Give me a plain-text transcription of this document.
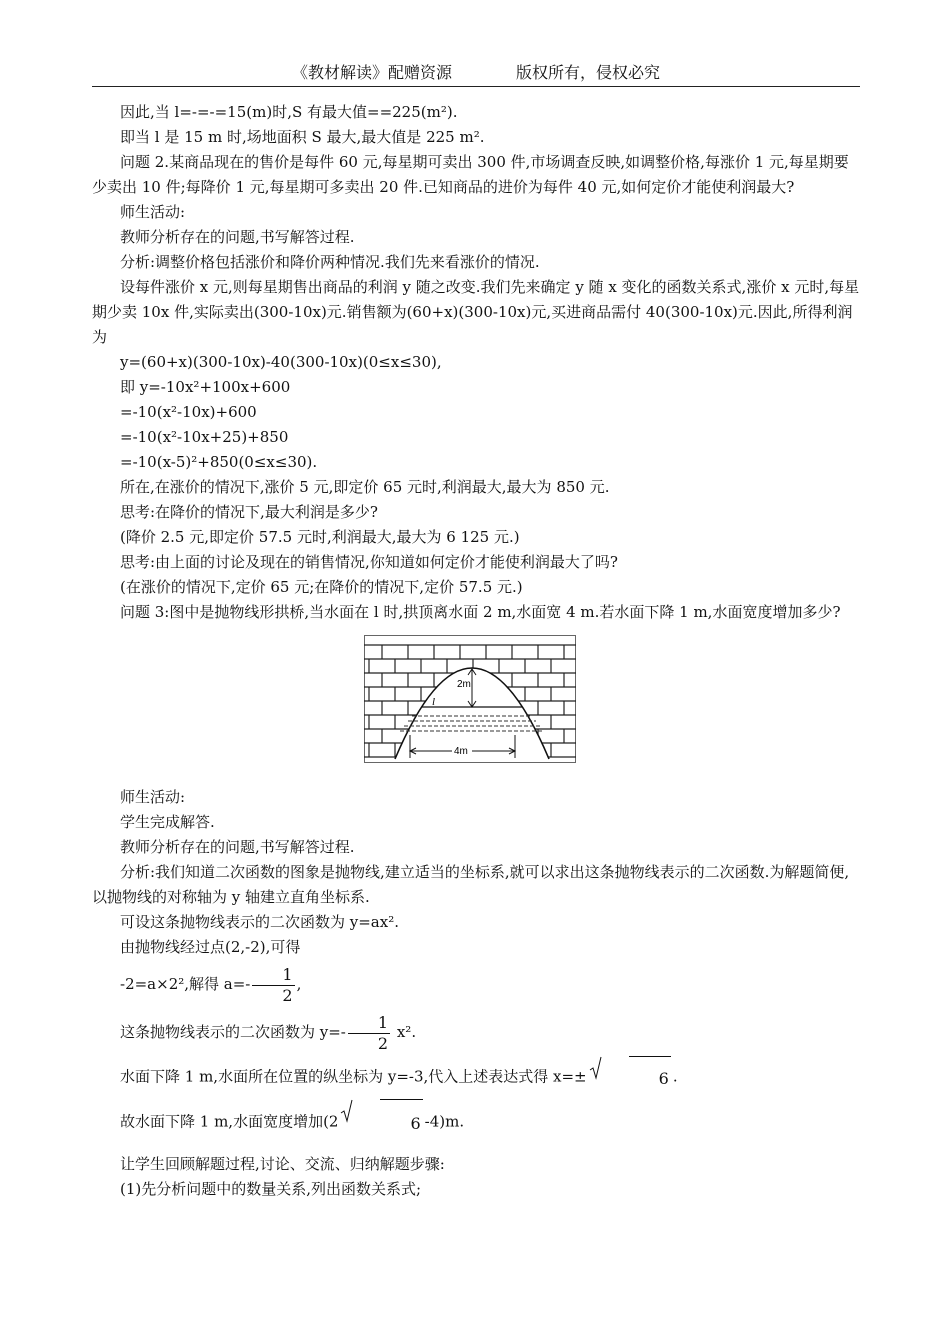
《教材解读》配赠资源	版权所有，侵权必究

因此,当 l=-=-=15(m)时,S 有最大值==225(m²).

即当 l 是 15 m 时,场地面积 S 最大,最大值是 225 m².

问题 2.某商品现在的售价是每件 60 元,每星期可卖出 300 件,市场调查反映,如调整价格,每涨价 1 元,每星期要少卖出 10 件;每降价 1 元,每星期可多卖出 20 件.已知商品的进价为每件 40 元,如何定价才能使利润最大?

师生活动:

教师分析存在的问题,书写解答过程.

分析:调整价格包括涨价和降价两种情况.我们先来看涨价的情况.

设每件涨价 x 元,则每星期售出商品的利润 y 随之改变.我们先来确定 y 随 x 变化的函数关系式,涨价 x 元时,每星期少卖 10x 件,实际卖出(300-10x)元.销售额为(60+x)(300-10x)元,买进商品需付 40(300-10x)元.因此,所得利润为

y=(60+x)(300-10x)-40(300-10x)(0≤x≤30),

即 y=-10x²+100x+600

=-10(x²-10x)+600

=-10(x²-10x+25)+850

=-10(x-5)²+850(0≤x≤30).

所在,在涨价的情况下,涨价 5 元,即定价 65 元时,利润最大,最大为 850 元.

思考:在降价的情况下,最大利润是多少?

(降价 2.5 元,即定价 57.5 元时,利润最大,最大为 6 125 元.)

思考:由上面的讨论及现在的销售情况,你知道如何定价才能使利润最大了吗?

(在涨价的情况下,定价 65 元;在降价的情况下,定价 57.5 元.)

问题 3:图中是抛物线形拱桥,当水面在 l 时,拱顶离水面 2 m,水面宽 4 m.若水面下降 1 m,水面宽度增加多少?

2m
l
4m

师生活动:

学生完成解答.

教师分析存在的问题,书写解答过程.

分析:我们知道二次函数的图象是抛物线,建立适当的坐标系,就可以求出这条抛物线表示的二次函数.为解题简便,以抛物线的对称轴为 y 轴建立直角坐标系.

可设这条抛物线表示的二次函数为 y=ax².

由抛物线经过点(2,-2),可得

-2=a×2²,解得 $a=- \frac{1}{2}$ ,

这条抛物线表示的二次函数为 $y=- \frac{1}{2} x^2$.

水面下降 1 m,水面所在位置的纵坐标为 y=-3,代入上述表达式得 x=±	6 .

故水面下降 1 m,水面宽度增加(2	6 -4)m.

让学生回顾解题过程,讨论、交流、归纳解题步骤:

(1)先分析问题中的数量关系,列出函数关系式;
